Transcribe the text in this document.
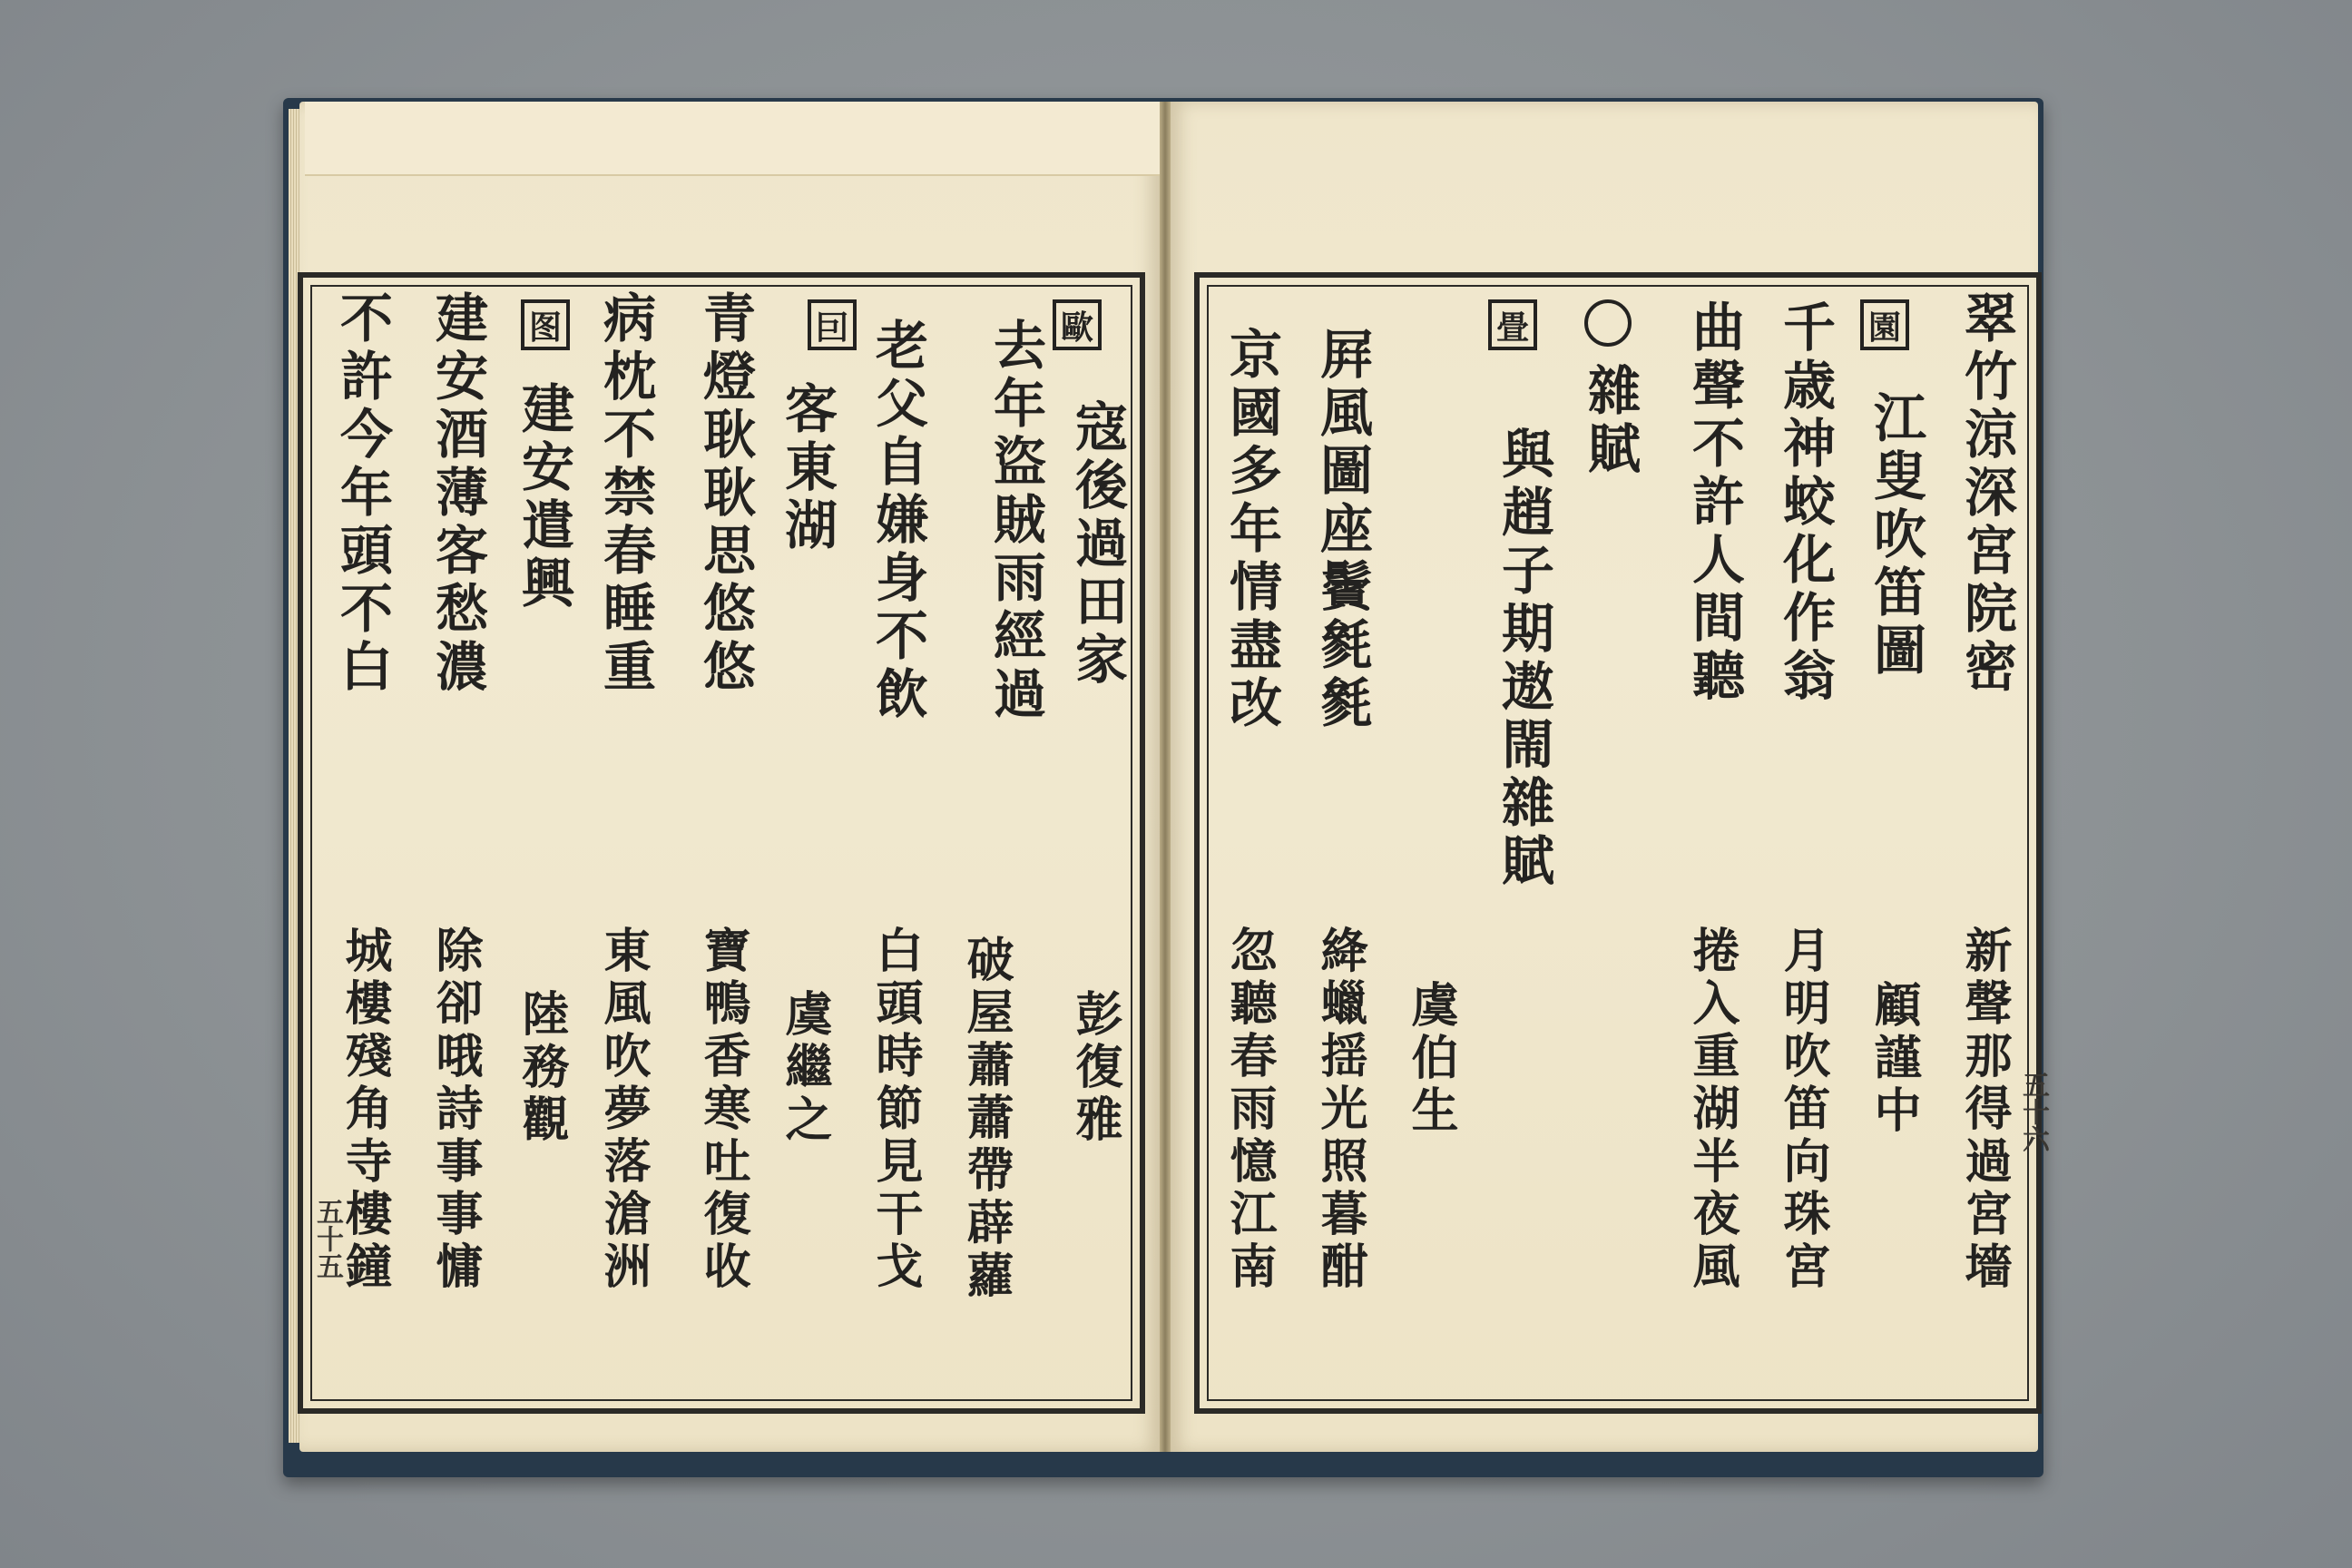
歐
去年盜賊雨經過
老父自嫌身不飲	寇後過田家
囙
客東湖
青燈耿耿思悠悠
病枕不禁春睡重
图
建安遣興
建安酒薄客愁濃
不許今年頭不白
彭復雅
破屋蕭蕭帶薜蘿
白頭時節見干戈
虞繼之
寶鴨香寒吐復收
東風吹夢落滄洲
陸務觀
除卻哦詩事事慵
城樓殘角寺樓鐘
五十五
翠竹涼深宮院密
園
千歳神蛟化作翁
曲聲不許人間聽 江叟吹笛圖
雜賦
與趙子期遨閙雜賦
畳
屛風圖座鬢毿毿
京國多年情盡改
新聲那得過宮墻
顧謹中
月明吹笛向珠宮
捲入重湖半夜風
虞伯生
絳蠟揺光照暮酣
忽聽春雨憶江南	五十六
